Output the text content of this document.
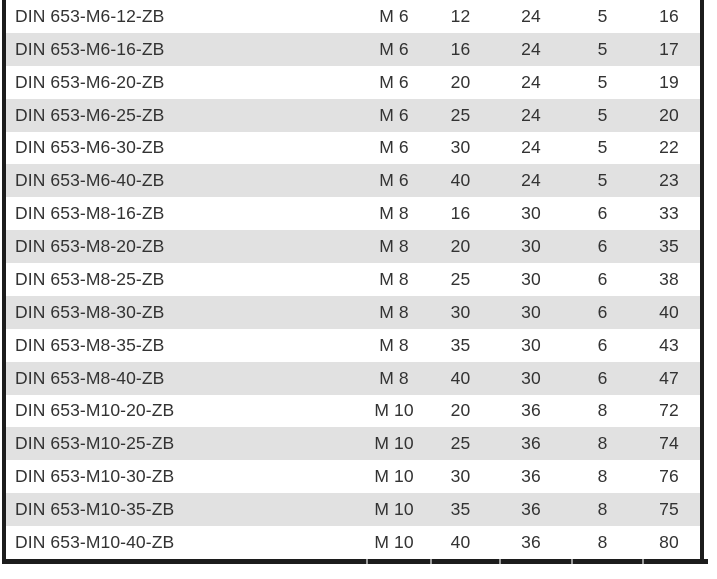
DIN 653-M6-12-ZB	M 6	12	24	5	16
DIN 653-M6-16-ZB	M 6	16	24	5	17
DIN 653-M6-20-ZB	M 6	20	24	5	19
DIN 653-M6-25-ZB	M 6	25	24	5	20
DIN 653-M6-30-ZB	M 6	30	24	5	22
DIN 653-M6-40-ZB	M 6	40	24	5	23
DIN 653-M8-16-ZB	M 8	16	30	6	33
DIN 653-M8-20-ZB	M 8	20	30	6	35
DIN 653-M8-25-ZB	M 8	25	30	6	38
DIN 653-M8-30-ZB	M 8	30	30	6	40
DIN 653-M8-35-ZB	M 8	35	30	6	43
DIN 653-M8-40-ZB	M 8	40	30	6	47
DIN 653-M10-20-ZB	M 10	20	36	8	72
DIN 653-M10-25-ZB	M 10	25	36	8	74
DIN 653-M10-30-ZB	M 10	30	36	8	76
DIN 653-M10-35-ZB	M 10	35	36	8	75
DIN 653-M10-40-ZB	M 10	40	36	8	80
